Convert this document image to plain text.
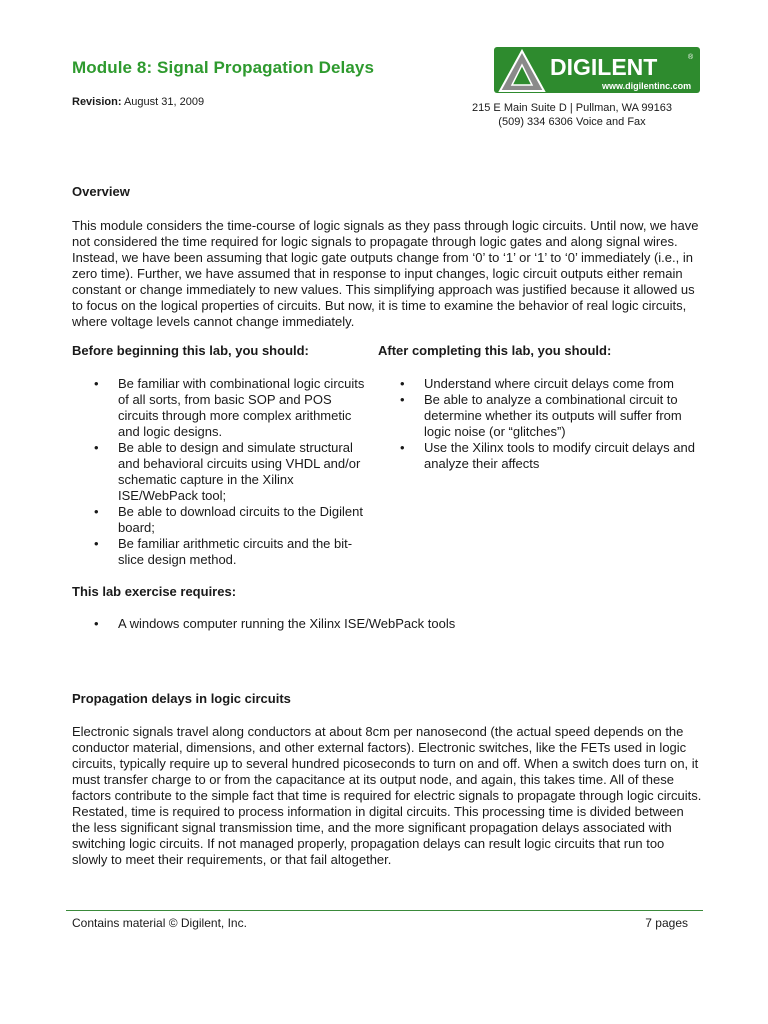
Module 8: Signal Propagation Delays
Revision: August 31, 2009
DIGILENT	®
www.digilentinc.com
215 E Main Suite D | Pullman, WA 99163
(509) 334 6306 Voice and Fax
Overview

This module considers the time-course of logic signals as they pass through logic circuits. Until now, we have not considered the time required for logic signals to propagate through logic gates and along signal wires. Instead, we have been assuming that logic gate outputs change from ‘0’ to ‘1’ or ‘1’ to ‘0’ immediately (i.e., in zero time). Further, we have assumed that in response to input changes, logic circuit outputs either remain constant or change immediately to new values. This simplifying approach was justified because it allowed us to focus on the logical properties of circuits. But now, it is time to examine the behavior of real logic circuits, where voltage levels cannot change immediately.

Before beginning this lab, you should:
• Be familiar with combinational logic circuits of all sorts, from basic SOP and POS circuits through more complex arithmetic and logic designs.
• Be able to design and simulate structural and behavioral circuits using VHDL and/or schematic capture in the Xilinx ISE/WebPack tool;
• Be able to download circuits to the Digilent board;
• Be familiar arithmetic circuits and the bit-slice design method.
After completing this lab, you should:
• Understand where circuit delays come from
• Be able to analyze a combinational circuit to determine whether its outputs will suffer from logic noise (or “glitches”)
• Use the Xilinx tools to modify circuit delays and analyze their affects
This lab exercise requires:
• A windows computer running the Xilinx ISE/WebPack tools
Propagation delays in logic circuits

Electronic signals travel along conductors at about 8cm per nanosecond (the actual speed depends on the conductor material, dimensions, and other external factors). Electronic switches, like the FETs used in logic circuits, typically require up to several hundred picoseconds to turn on and off. When a switch does turn on, it must transfer charge to or from the capacitance at its output node, and again, this takes time. All of these factors contribute to the simple fact that time is required for electric signals to propagate through logic circuits. Restated, time is required to process information in digital circuits. This processing time is divided between the less significant signal transmission time, and the more significant propagation delays associated with switching logic circuits. If not managed properly, propagation delays can result logic circuits that run too slowly to meet their requirements, or that fail altogether.

Contains material © Digilent, Inc.	7 pages
